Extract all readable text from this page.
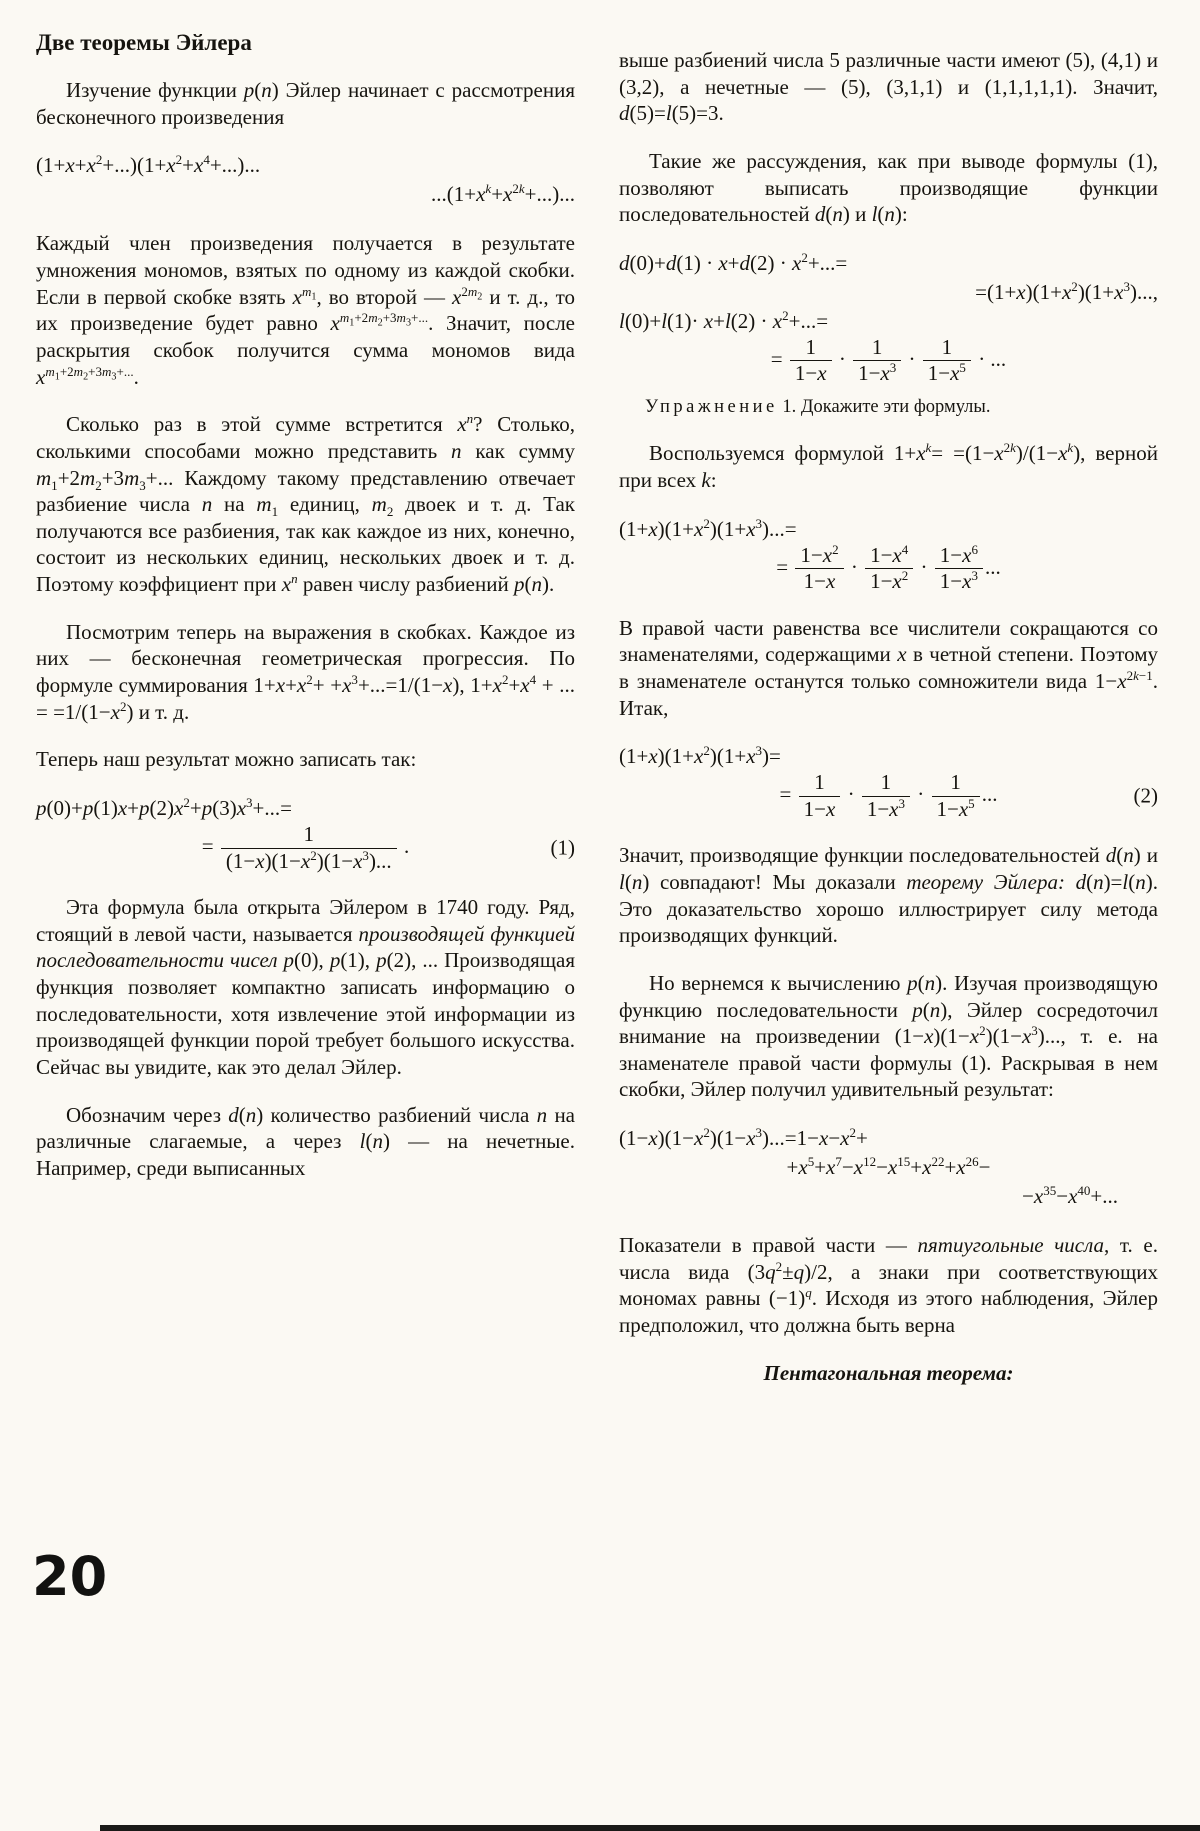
Две теоремы Эйлера

Изучение функции p(n) Эйлер начинает с рассмотрения бесконечного произведения

$(1+x+x^2+...)(1+x^2+x^4+...)$...
$...(1+x^k+x^{2k}+...)$...

Каждый член произведения получается в результате умножения мономов, взятых по одному из каждой скобки. Если в первой скобке взять $x^{m_1}$, во второй — $x^{2m_2}$ и т. д., то их произведение будет равно $x^{m_1+2m_2+3m_3+...}$. Значит, после раскрытия скобок получится сумма мономов вида $x^{m_1+2m_2+3m_3+...}$.

Сколько раз в этой сумме встретится $x^n$? Столько, сколькими способами можно представить n как сумму $m_1+2m_2+3m_3+$... Каждому такому представлению отвечает разбиение числа n на $m_1$ единиц, $m_2$ двоек и т. д. Так получаются все разбиения, так как каждое из них, конечно, состоит из нескольких единиц, нескольких двоек и т. д. Поэтому коэффициент при $x^n$ равен числу разбиений p(n).

Посмотрим теперь на выражения в скобках. Каждое из них — бесконечная геометрическая прогрессия. По формуле суммирования $1+x+x^2+ +x^3+...=1/(1-x)$, $1+x^2+x^4$ + ... = $=1/(1-x^2)$ и т. д.

Теперь наш результат можно записать так:

$p(0)+p(1)x+p(2)x^2+p(3)x^3+...=$
= $\frac{1}{(1-x)(1-x^2)(1-x^3)...}$ .	(1)

Эта формула была открыта Эйлером в 1740 году. Ряд, стоящий в левой части, называется производящей функцией последовательности чисел p(0), p(1), p(2), ... Производящая функция позволяет компактно записать информацию о последовательности, хотя извлечение этой информации из производящей функции порой требует большого искусства. Сейчас вы увидите, как это делал Эйлер.

Обозначим через d(n) количество разбиений числа n на различные слагаемые, а через l(n) — на нечетные. Например, среди выписанных

выше разбиений числа 5 различные части имеют (5), (4,1) и (3,2), а нечетные — (5), (3,1,1) и (1,1,1,1,1). Значит, d(5)=l(5)=3.

Такие же рассуждения, как при выводе формулы (1), позволяют выписать производящие функции последовательностей d(n) и l(n):

$d(0)+d(1) \cdot x+d(2) \cdot x^2+...=$
$=(1+x)(1+x^2)(1+x^3)$...,
$l(0)+l(1)\cdot x+l(2) \cdot x^2+...=$
= $\frac{1}{1-x} \cdot \frac{1}{1-x^3} \cdot \frac{1}{1-x^5}$ · ...

Упражнение 1. Докажите эти формулы.

Воспользуемся формулой $1+x^k= =(1-x^{2k})/(1-x^k)$, верной при всех k:

$(1+x)(1+x^2)(1+x^3)...=$
= $\frac{1-x^2}{1-x} \cdot \frac{1-x^4}{1-x^2} \cdot \frac{1-x^6}{1-x^3}$ ...

В правой части равенства все числители сокращаются со знаменателями, содержащими x в четной степени. Поэтому в знаменателе останутся только сомножители вида $1-x^{2k-1}$. Итак,

$(1+x)(1+x^2)(1+x^3)=$
= $\frac{1}{1-x} \cdot \frac{1}{1-x^3} \cdot \frac{1}{1-x^5}$ ...	(2)

Значит, производящие функции последовательностей d(n) и l(n) совпадают! Мы доказали теорему Эйлера: d(n)=l(n). Это доказательство хорошо иллюстрирует силу метода производящих функций.

Но вернемся к вычислению p(n). Изучая производящую функцию последовательности p(n), Эйлер сосредоточил внимание на произведении $(1-x)(1-x^2)(1-x^3)$..., т. е. на знаменателе правой части формулы (1). Раскрывая в нем скобки, Эйлер получил удивительный результат:

$(1-x)(1-x^2)(1-x^3)...=1-x-x^2+$
$+x^5+x^7-x^{12}-x^{15}+x^{22}+x^{26}-$
$-x^{35}-x^{40}+$...

Показатели в правой части — пятиугольные числа, т. е. числа вида $(3q^2\pm q)/2$, а знаки при соответствующих мономах равны $(-1)^q$. Исходя из этого наблюдения, Эйлер предположил, что должна быть верна

Пентагональная теорема:

20
